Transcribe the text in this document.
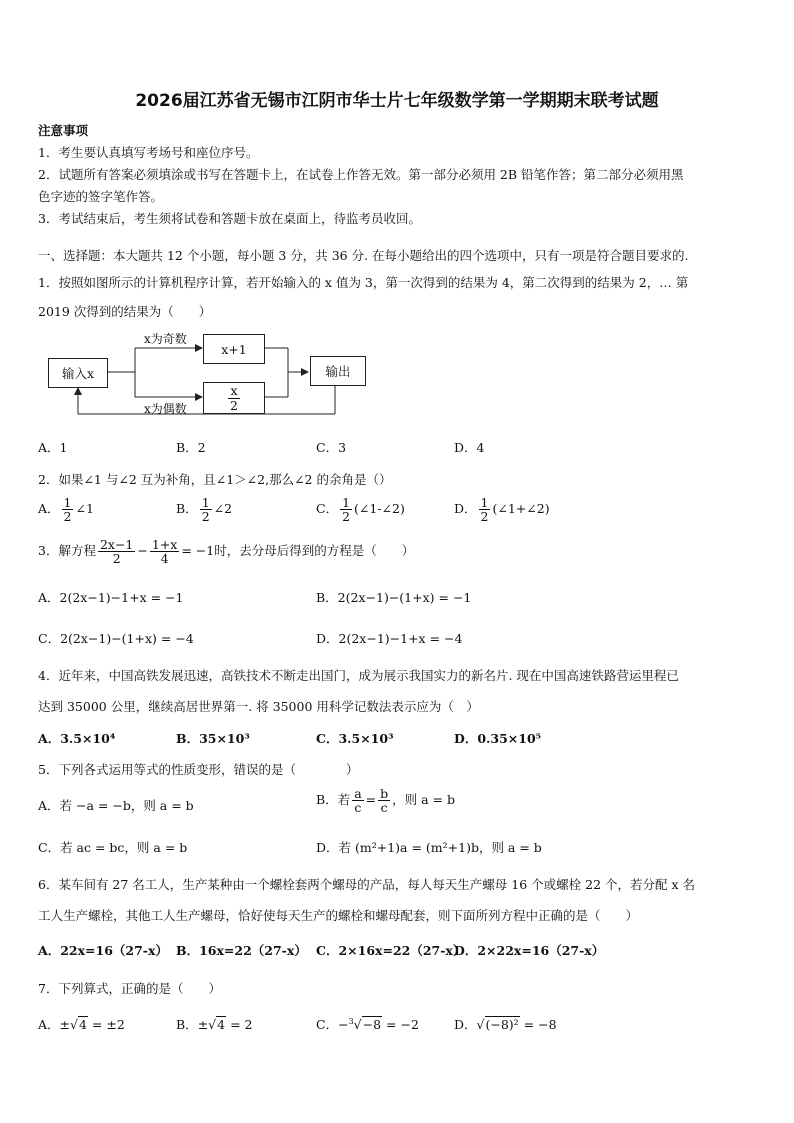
2026届江苏省无锡市江阴市华士片七年级数学第一学期期末联考试题
注意事项
1．考生要认真填写考场号和座位序号。
2．试题所有答案必须填涂或书写在答题卡上，在试卷上作答无效。第一部分必须用 2B 铅笔作答；第二部分必须用黑
色字迹的签字笔作答。
3．考试结束后，考生须将试卷和答题卡放在桌面上，待监考员收回。
一、选择题：本大题共 12 个小题，每小题 3 分，共 36 分. 在每小题给出的四个选项中，只有一项是符合题目要求的.
1．按照如图所示的计算机程序计算，若开始输入的 x 值为 3，第一次得到的结果为 4，第二次得到的结果为 2，… 第
2019 次得到的结果为（　　）
输入x
x为奇数
x+1
$\frac{x}{2}$
x为偶数
输出
A．1	B．2	C．3	D．4
2．如果∠1 与∠2 互为补角，且∠1＞∠2,那么∠2 的余角是（）
A． $\frac{1}{2}$ ∠1	B． $\frac{1}{2}$ ∠2	C． $\frac{1}{2}$ (∠1-∠2)	D． $\frac{1}{2}$ (∠1+∠2)
3．解方程 $\frac{2x-1}{2} - \frac{1+x}{4} = -1$时，去分母后得到的方程是（　　）
A．2(2x−1)−1+x = −1	B．2(2x−1)−(1+x) = −1
C．2(2x−1)−(1+x) = −4	D．2(2x−1)−1+x = −4
4．近年来，中国高铁发展迅速，高铁技术不断走出国门，成为展示我国实力的新名片. 现在中国高速铁路营运里程已
达到 35000 公里，继续高居世界第一. 将 35000 用科学记数法表示应为（　）
A．3.5×10⁴	B．35×10³	C．3.5×10³	D．0.35×10⁵
5．下列各式运用等式的性质变形，错误的是（　　　　）
A．若 −a = −b，则 a = b	B．若 $\frac{a}{c} = \frac{b}{c}$ ，则 a = b
C．若 ac = bc，则 a = b	D．若 (m²+1)a = (m²+1)b，则 a = b
6．某车间有 27 名工人，生产某种由一个螺栓套两个螺母的产品，每人每天生产螺母 16 个或螺栓 22 个，若分配 x 名
工人生产螺栓，其他工人生产螺母，恰好使每天生产的螺栓和螺母配套，则下面所列方程中正确的是（　　）
A．22x=16（27-x） B．16x=22（27-x） C．2×16x=22（27-x）
D．2×22x=16（27-x）
7．下列算式，正确的是（　　）
A．±√4 = ±2	B．±√4 = 2	C．−$^3$√−8 = −2	D．√(−8)² = −8
